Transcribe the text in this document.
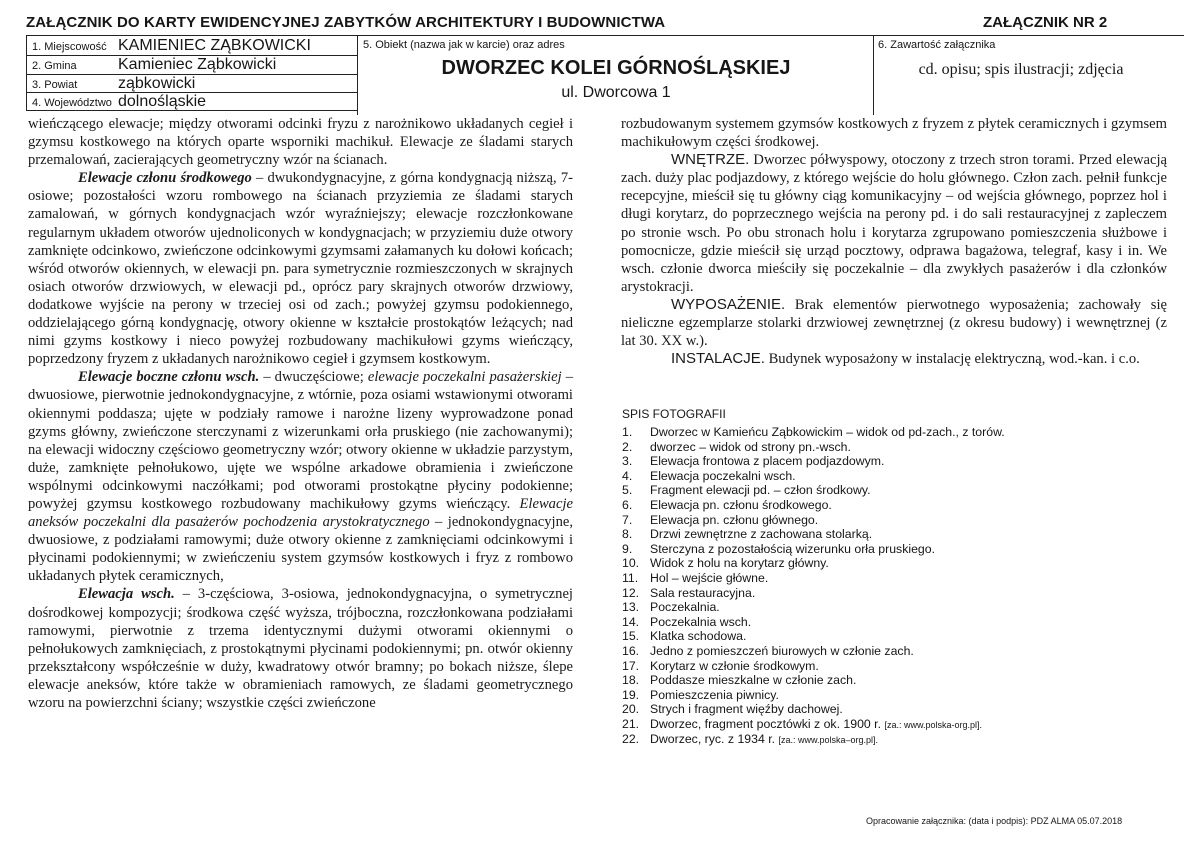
ZAŁĄCZNIK DO KARTY EWIDENCYJNEJ ZABYTKÓW ARCHITEKTURY I BUDOWNICTWA	ZAŁĄCZNIK NR 2
1. Miejscowość KAMIENIEC ZĄBKOWICKI
2. Gmina	Kamieniec Ząbkowicki
3. Powiat	ząbkowicki
4. Województwo dolnośląskie
5. Obiekt (nazwa jak w karcie) oraz adres
DWORZEC KOLEI GÓRNOŚLĄSKIEJ
ul. Dworcowa 1
6. Zawartość załącznika
cd. opisu; spis ilustracji; zdjęcia

wieńczącego elewacje; między otworami odcinki fryzu z narożnikowo układanych cegieł i gzymsu kostkowego na których oparte wsporniki machikuł. Elewacje ze śladami starych przemalowań, zacierających geometryczny wzór na ścianach.

Elewacje członu środkowego – dwukondygnacyjne, z górna kondygnacją niższą, 7-osiowe; pozostałości wzoru rombowego na ścianach przyziemia ze śladami starych zamalowań, w górnych kondygnacjach wzór wyraźniejszy; elewacje rozczłonkowane regularnym układem otworów ujednoliconych w kondygnacjach; w przyziemiu duże otwory zamknięte odcinkowo, zwieńczone odcinkowymi gzymsami załamanych ku dołowi końcach; wśród otworów okiennych, w elewacji pn. para symetrycznie rozmieszczonych w skrajnych osiach otworów drzwiowych, w elewacji pd., oprócz pary skrajnych otworów drzwiowy, dodatkowe wyjście na perony w trzeciej osi od zach.; powyżej gzymsu podokiennego, oddzielającego górną kondygnację, otwory okienne w kształcie prostokątów leżących; nad nimi gzyms kostkowy i nieco powyżej rozbudowany machikułowi gzyms wieńczący, poprzedzony fryzem z układanych narożnikowo cegieł i gzymsem kostkowym.

Elewacje boczne członu wsch. – dwuczęściowe; elewacje poczekalni pasażerskiej – dwuosiowe, pierwotnie jednokondygnacyjne, z wtórnie, poza osiami wstawionymi otworami okiennymi poddasza; ujęte w podziały ramowe i narożne lizeny wyprowadzone ponad gzyms główny, zwieńczone sterczynami z wizerunkami orła pruskiego (nie zachowanymi); na elewacji widoczny częściowo geometryczny wzór; otwory okienne w układzie parzystym, duże, zamknięte pełnołukowo, ujęte we wspólne arkadowe obramienia i zwieńczone wspólnymi odcinkowymi naczółkami; pod otworami prostokątne płyciny podokienne; powyżej gzymsu kostkowego rozbudowany machikułowy gzyms wieńczący. Elewacje aneksów poczekalni dla pasażerów pochodzenia arystokratycznego – jednokondygnacyjne, dwuosiowe, z podziałami ramowymi; duże otwory okienne z zamknięciami odcinkowymi i płycinami podokiennymi; w zwieńczeniu system gzymsów kostkowych i fryz z rombowo układanych płytek ceramicznych,

Elewacja wsch. – 3-częściowa, 3-osiowa, jednokondygnacyjna, o symetrycznej dośrodkowej kompozycji; środkowa część wyższa, trójboczna, rozczłonkowana podziałami ramowymi, pierwotnie z trzema identycznymi dużymi otworami okiennymi o pełnołukowych zamknięciach, z prostokątnymi płycinami podokiennymi; pn. otwór okienny przekształcony współcześnie w duży, kwadratowy otwór bramny; po bokach niższe, ślepe elewacje aneksów, które także w obramieniach ramowych, ze śladami geometrycznego wzoru na powierzchni ściany; wszystkie części zwieńczone

rozbudowanym systemem gzymsów kostkowych z fryzem z płytek ceramicznych i gzymsem machikułowym części środkowej.

WNĘTRZE. Dworzec półwyspowy, otoczony z trzech stron torami. Przed elewacją zach. duży plac podjazdowy, z którego wejście do holu głównego. Człon zach. pełnił funkcje recepcyjne, mieścił się tu główny ciąg komunikacyjny – od wejścia głównego, poprzez hol i długi korytarz, do poprzecznego wejścia na perony pd. i do sali restauracyjnej z zapleczem po stronie wsch. Po obu stronach holu i korytarza zgrupowano pomieszczenia służbowe i pomocnicze, gdzie mieścił się urząd pocztowy, odprawa bagażowa, telegraf, kasy i in. We wsch. członie dworca mieściły się poczekalnie – dla zwykłych pasażerów i dla członków arystokracji.

WYPOSAŻENIE. Brak elementów pierwotnego wyposażenia; zachowały się nieliczne egzemplarze stolarki drzwiowej zewnętrznej (z okresu budowy) i wewnętrznej (z lat 30. XX w.).

INSTALACJE. Budynek wyposażony w instalację elektryczną, wod.-kan. i c.o.

SPIS FOTOGRAFII
1. Dworzec w Kamieńcu Ząbkowickim – widok od pd-zach., z torów.
2. dworzec – widok od strony pn.-wsch.
3. Elewacja frontowa z placem podjazdowym.
4. Elewacja poczekalni wsch.
5. Fragment elewacji pd. – człon środkowy.
6. Elewacja pn. członu środkowego.
7. Elewacja pn. członu głównego.
8. Drzwi zewnętrzne z zachowana stolarką.
9. Sterczyna z pozostałością wizerunku orła pruskiego.
10. Widok z holu na korytarz główny.
11. Hol – wejście główne.
12. Sala restauracyjna.
13. Poczekalnia.
14. Poczekalnia wsch.
15. Klatka schodowa.
16. Jedno z pomieszczeń biurowych w członie zach.
17. Korytarz w członie środkowym.
18. Poddasze mieszkalne w członie zach.
19. Pomieszczenia piwnicy.
20. Strych i fragment więźby dachowej.
21. Dworzec, fragment pocztówki z ok. 1900 r. [za.: www.polska-org.pl].
22. Dworzec, ryc. z 1934 r. [za.: www.polska–org.pl].
Opracowanie załącznika: (data i podpis): PDZ ALMA 05.07.2018
